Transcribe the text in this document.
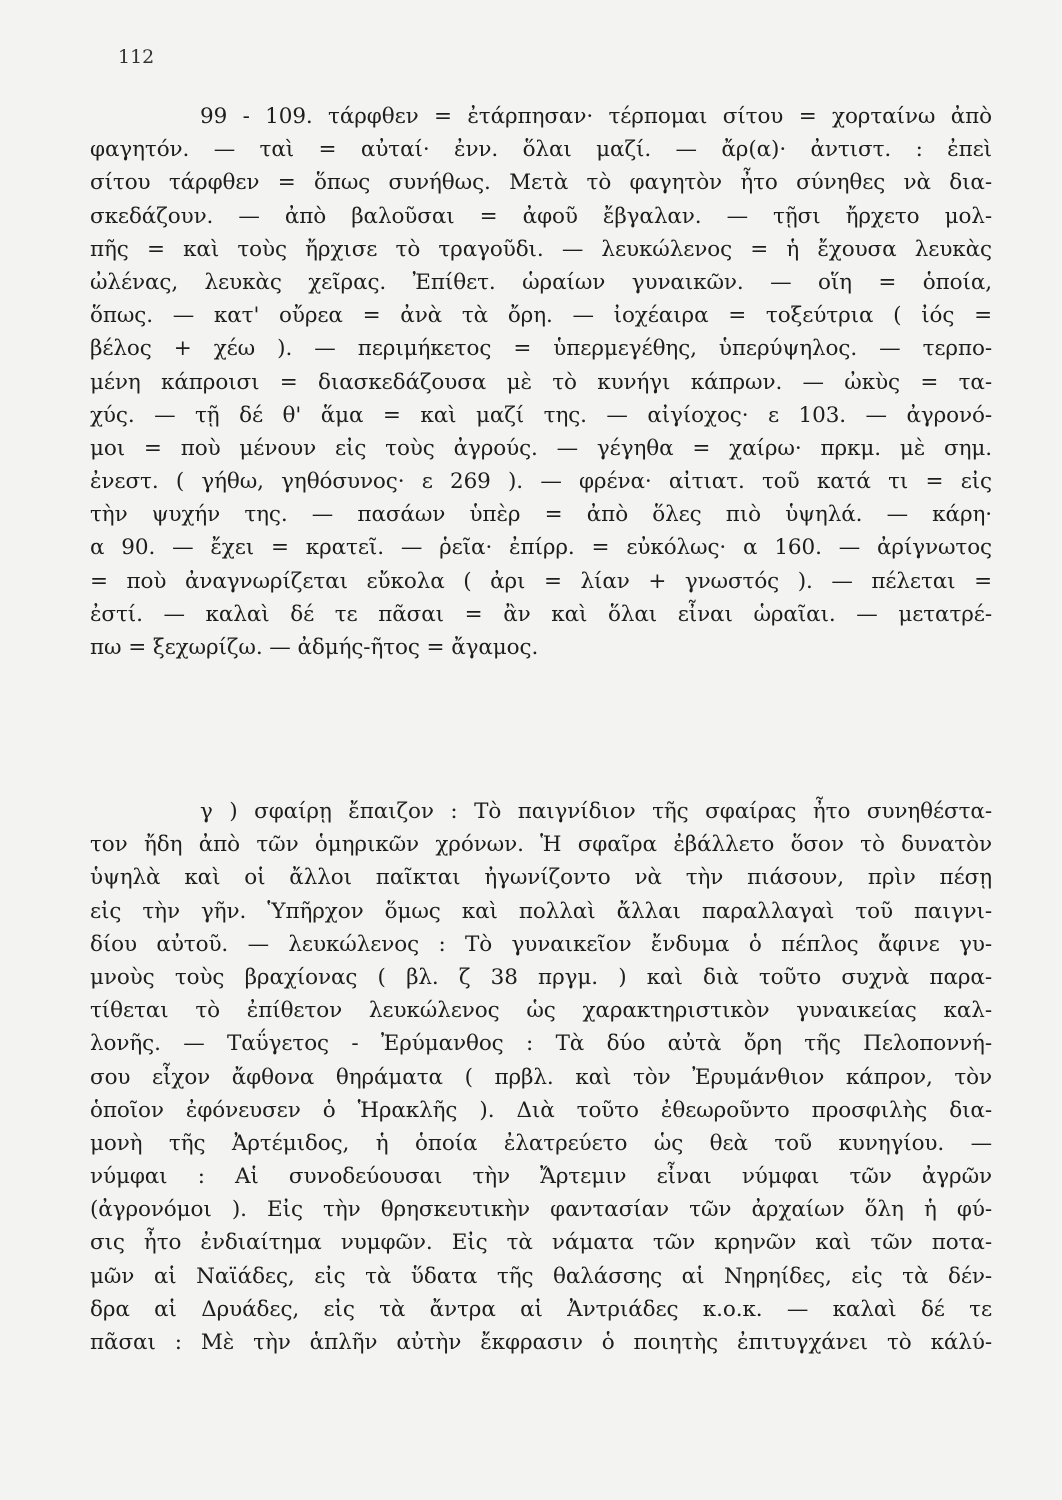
112
99 - 109. τάρφθεν = ἐτάρπησαν· τέρπομαι σίτου = χορταίνω ἀπὸ
φαγητόν. — ταὶ = αὐταί· ἐνν. ὅλαι μαζί. — ἄρ(α)· ἀντιστ. : ἐπεὶ
σίτου τάρφθεν = ὅπως συνήθως. Μετὰ τὸ φαγητὸν ἦτο σύνηθες νὰ δια-
σκεδάζουν. — ἀπὸ βαλοῦσαι = ἀφοῦ ἔβγαλαν. — τῇσι ἤρχετο μολ-
πῆς = καὶ τοὺς ἤρχισε τὸ τραγοῦδι. — λευκώλενος = ἡ ἔχουσα λευκὰς
ὠλένας, λευκὰς χεῖρας. Ἐπίθετ. ὡραίων γυναικῶν. — οἵη = ὁποία,
ὅπως. — κατ' οὔρεα = ἀνὰ τὰ ὄρη. — ἰοχέαιρα = τοξεύτρια ( ἰός =
βέλος + χέω ). — περιμήκετος = ὑπερμεγέθης, ὑπερύψηλος. — τερπο-
μένη κάπροισι = διασκεδάζουσα μὲ τὸ κυνήγι κάπρων. — ὠκὺς = τα-
χύς. — τῇ δέ θ' ἅμα = καὶ μαζί της. — αἰγίοχος· ε 103. — ἀγρονό-
μοι = ποὺ μένουν εἰς τοὺς ἀγρούς. — γέγηθα = χαίρω· πρκμ. μὲ σημ.
ἐνεστ. ( γήθω, γηθόσυνος· ε 269 ). — φρένα· αἰτιατ. τοῦ κατά τι = εἰς
τὴν ψυχήν της. — πασάων ὑπὲρ = ἀπὸ ὅλες πιὸ ὑψηλά. — κάρη·
α 90. — ἔχει = κρατεῖ. — ῥεῖα· ἐπίρρ. = εὐκόλως· α 160. — ἀρίγνωτος
= ποὺ ἀναγνωρίζεται εὔκολα ( ἀρι = λίαν + γνωστός ). — πέλεται =
ἐστί. — καλαὶ δέ τε πᾶσαι = ἂν καὶ ὅλαι εἶναι ὡραῖαι. — μετατρέ-
πω = ξεχωρίζω. — ἀδμής-ῆτος = ἄγαμος.
γ ) σφαίρῃ ἔπαιζον : Τὸ παιγνίδιον τῆς σφαίρας ἦτο συνηθέστα-
τον ἤδη ἀπὸ τῶν ὁμηρικῶν χρόνων. Ἡ σφαῖρα ἐβάλλετο ὅσον τὸ δυνατὸν
ὑψηλὰ καὶ οἱ ἄλλοι παῖκται ἠγωνίζοντο νὰ τὴν πιάσουν, πρὶν πέσῃ
εἰς τὴν γῆν. Ὑπῆρχον ὅμως καὶ πολλαὶ ἄλλαι παραλλαγαὶ τοῦ παιγνι-
δίου αὐτοῦ. — λευκώλενος : Τὸ γυναικεῖον ἔνδυμα ὁ πέπλος ἄφινε γυ-
μνοὺς τοὺς βραχίονας ( βλ. ζ 38 πργμ. ) καὶ διὰ τοῦτο συχνὰ παρα-
τίθεται τὸ ἐπίθετον λευκώλενος ὡς χαρακτηριστικὸν γυναικείας καλ-
λονῆς. — Ταΰγετος - Ἐρύμανθος : Τὰ δύο αὐτὰ ὄρη τῆς Πελοποννή-
σου εἶχον ἄφθονα θηράματα ( πρβλ. καὶ τὸν Ἐρυμάνθιον κάπρον, τὸν
ὁποῖον ἐφόνευσεν ὁ Ἡρακλῆς ). Διὰ τοῦτο ἐθεωροῦντο προσφιλὴς δια-
μονὴ τῆς Ἀρτέμιδος, ἡ ὁποία ἐλατρεύετο ὡς θεὰ τοῦ κυνηγίου. —
νύμφαι : Αἱ συνοδεύουσαι τὴν Ἄρτεμιν εἶναι νύμφαι τῶν ἀγρῶν
(ἀγρονόμοι ). Εἰς τὴν θρησκευτικὴν φαντασίαν τῶν ἀρχαίων ὅλη ἡ φύ-
σις ἦτο ἐνδιαίτημα νυμφῶν. Εἰς τὰ νάματα τῶν κρηνῶν καὶ τῶν ποτα-
μῶν αἱ Ναϊάδες, εἰς τὰ ὕδατα τῆς θαλάσσης αἱ Νηρηίδες, εἰς τὰ δέν-
δρα αἱ Δρυάδες, εἰς τὰ ἄντρα αἱ Ἀντριάδες κ.ο.κ. — καλαὶ δέ τε
πᾶσαι : Μὲ τὴν ἁπλῆν αὐτὴν ἔκφρασιν ὁ ποιητὴς ἐπιτυγχάνει τὸ κάλύ-
